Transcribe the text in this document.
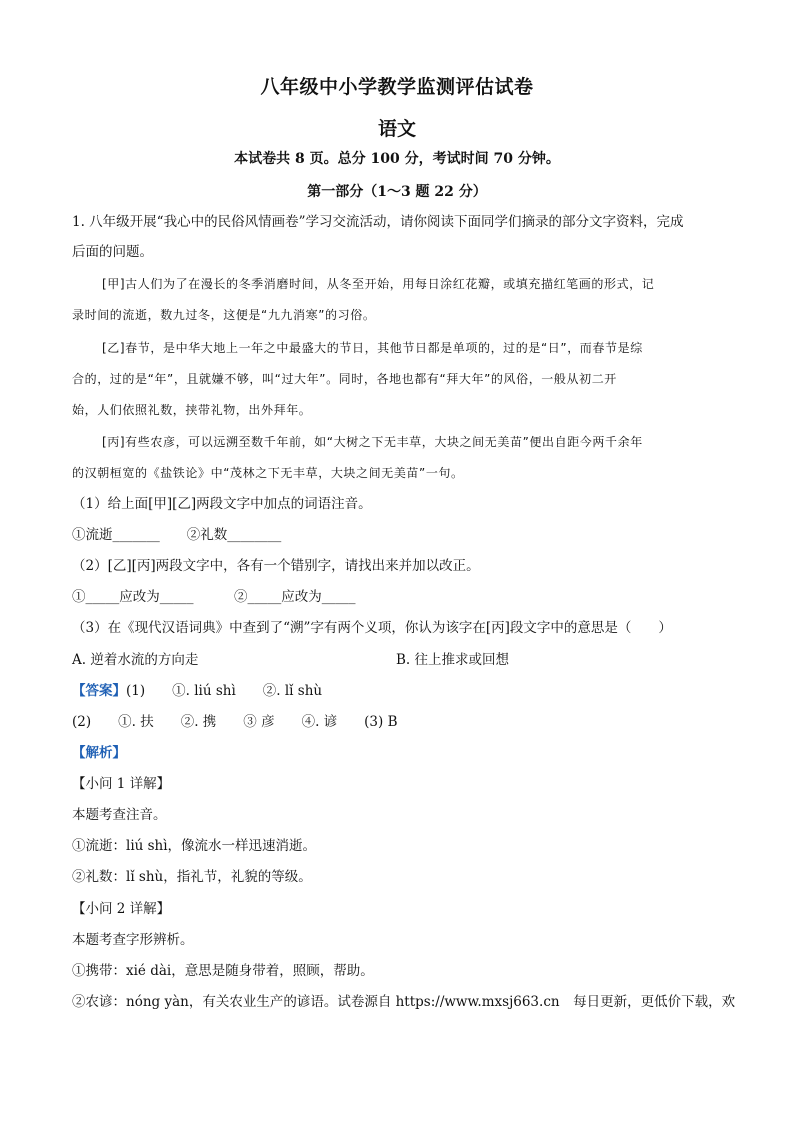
八年级中小学教学监测评估试卷
语文
本试卷共 8 页。总分 100 分，考试时间 70 分钟。
第一部分（1～3 题 22 分）
1. 八年级开展“我心中的民俗风情画卷”学习交流活动，请你阅读下面同学们摘录的部分文字资料，完成
后面的问题。
[甲]古人们为了在漫长的冬季消磨时间，从冬至开始，用每日涂红花瓣，或填充描红笔画的形式，记
录时间的流逝，数九过冬，这便是“九九消寒”的习俗。
[乙]春节，是中华大地上一年之中最盛大的节日，其他节日都是单项的，过的是“日”，而春节是综
合的，过的是“年”，且就嫌不够，叫“过大年”。同时，各地也都有“拜大年”的风俗，一般从初二开
始，人们依照礼数，挟带礼物，出外拜年。
[丙]有些农彦，可以远溯至数千年前，如“大树之下无丰草，大块之间无美苗”便出自距今两千余年
的汉朝桓宽的《盐铁论》中“茂林之下无丰草，大块之间无美苗”一句。
（1）给上面[甲][乙]两段文字中加点的词语注音。
①流逝_______　　②礼数________
（2）[乙][丙]两段文字中，各有一个错别字，请找出来并加以改正。
①_____应改为_____　　　②_____应改为_____
（3）在《现代汉语词典》中查到了“溯”字有两个义项，你认为该字在[丙]段文字中的意思是（　　）
A. 逆着水流的方向走	B. 往上推求或回想
【答案】(1)　　①. liú shì　　②. lǐ shù
(2)　　①. 扶　　②. 携　　③ 彦　　④. 谚　　(3) B
【解析】
【小问 1 详解】
本题考查注音。
①流逝：liú shì，像流水一样迅速消逝。
②礼数：lǐ shù，指礼节，礼貌的等级。
【小问 2 详解】
本题考查字形辨析。
①携带：xié dài，意思是随身带着，照顾，帮助。
②农谚：nóng yàn，有关农业生产的谚语。试卷源自 https://www.mxsj663.cn　每日更新，更低价下载，欢
